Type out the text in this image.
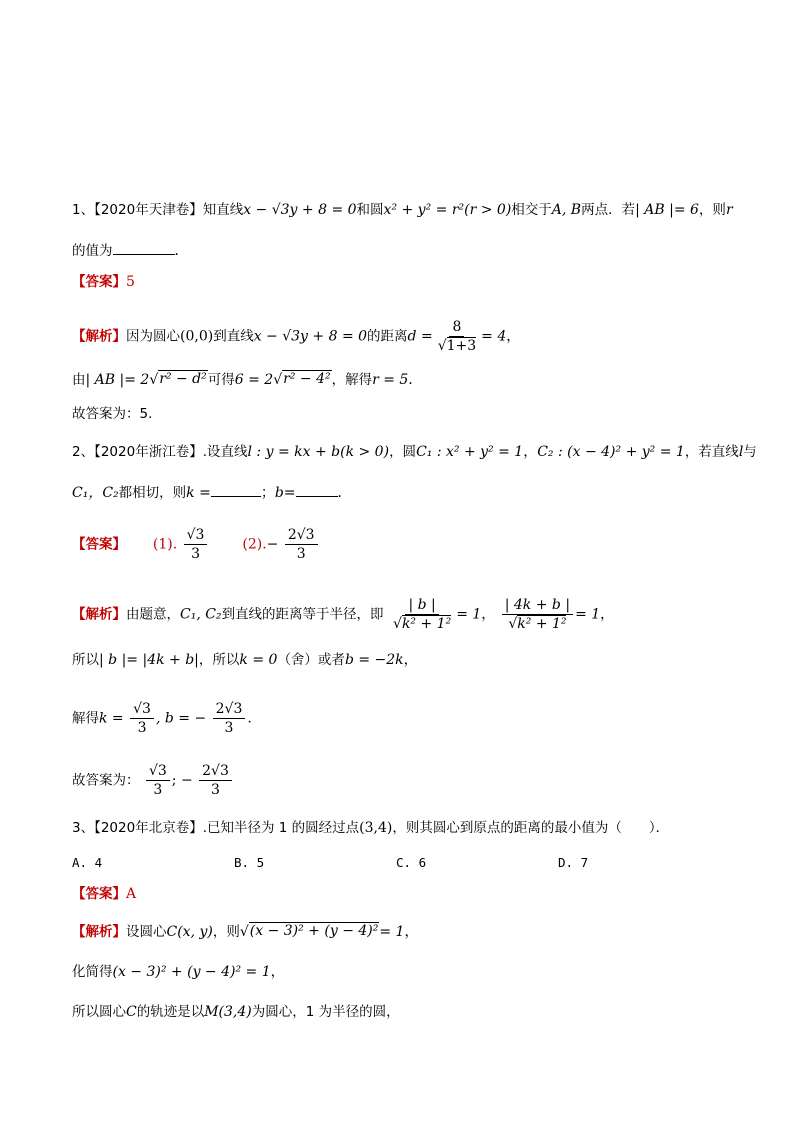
1、【2020年天津卷】知直线x − √3y + 8 = 0和圆x² + y² = r²(r > 0)相交于A, B两点．若| AB |= 6，则r
的值为	．
【答案】5
【解析】因为圆心(0,0)到直线x − √3y + 8 = 0的距离$d = \frac{8}{√1+3} = 4$，
由| AB |= 2 √ r² − d² 可得6 = 2 √ r² − 4² ，解得r = 5．
故答案为：5．
2、【2020年浙江卷】.设直线l : y = kx + b(k > 0)，圆C₁ : x² + y² = 1，C₂ : (x − 4)² + y² = 1，若直线l与
C₁，C₂都相切，则k =	；b=	．
【答案】 (1). $\frac{√3}{3} (2).- \frac{2√3}{3}$
【解析】由题意，C₁, C₂到直线的距离等于半径，即 $\frac{| b |}{\text{√k² + 1²}} = 1$， $\frac{| 4k + b |}{\text{√k² + 1²}} = 1$，
所以| b |= |4k + b|，所以k = 0（舍）或者b = −2k，
解得$k = \frac{√3}{3}$ , b = − $\frac{2√3}{3}$ .
故答案为： $\frac{√3}{3}$ ; − $\frac{2√3}{3}$
3、【2020年北京卷】.已知半径为 1 的圆经过点(3,4)，则其圆心到原点的距离的最小值为（　　）．
A. 4	B. 5	C. 6	D. 7
【答案】A
【解析】设圆心C(x, y)，则 √ (x − 3)² + (y − 4)² = 1，
化简得(x − 3)² + (y − 4)² = 1，
所以圆心C的轨迹是以M(3,4)为圆心，1 为半径的圆，
